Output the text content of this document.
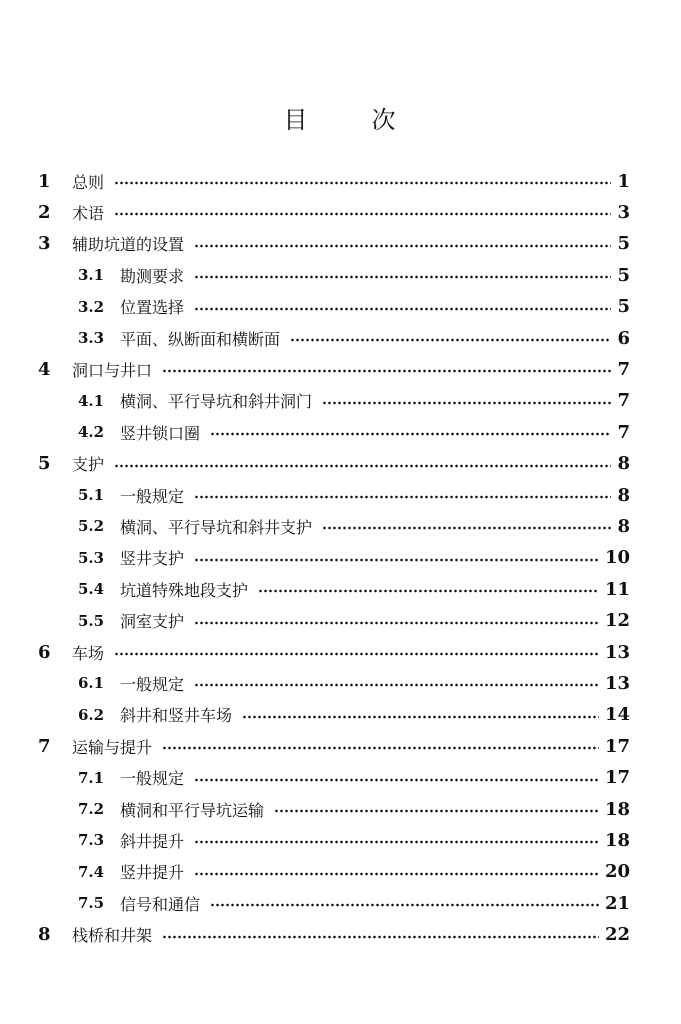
目	次
1	总则	1
2	术语	3
3	辅助坑道的设置	5
3.1 勘测要求	5
3.2 位置选择	5
3.3 平面、纵断面和横断面	6
4	洞口与井口	7
4.1 横洞、平行导坑和斜井洞门	7
4.2 竖井锁口圈	7
5	支护	8
5.1 一般规定	8
5.2 横洞、平行导坑和斜井支护	8
5.3 竖井支护	10
5.4 坑道特殊地段支护	11
5.5 洞室支护	12
6	车场	13
6.1 一般规定	13
6.2 斜井和竖井车场	14
7	运输与提升	17
7.1 一般规定	17
7.2 横洞和平行导坑运输	18
7.3 斜井提升	18
7.4 竖井提升	20
7.5 信号和通信	21
8	栈桥和井架	22
